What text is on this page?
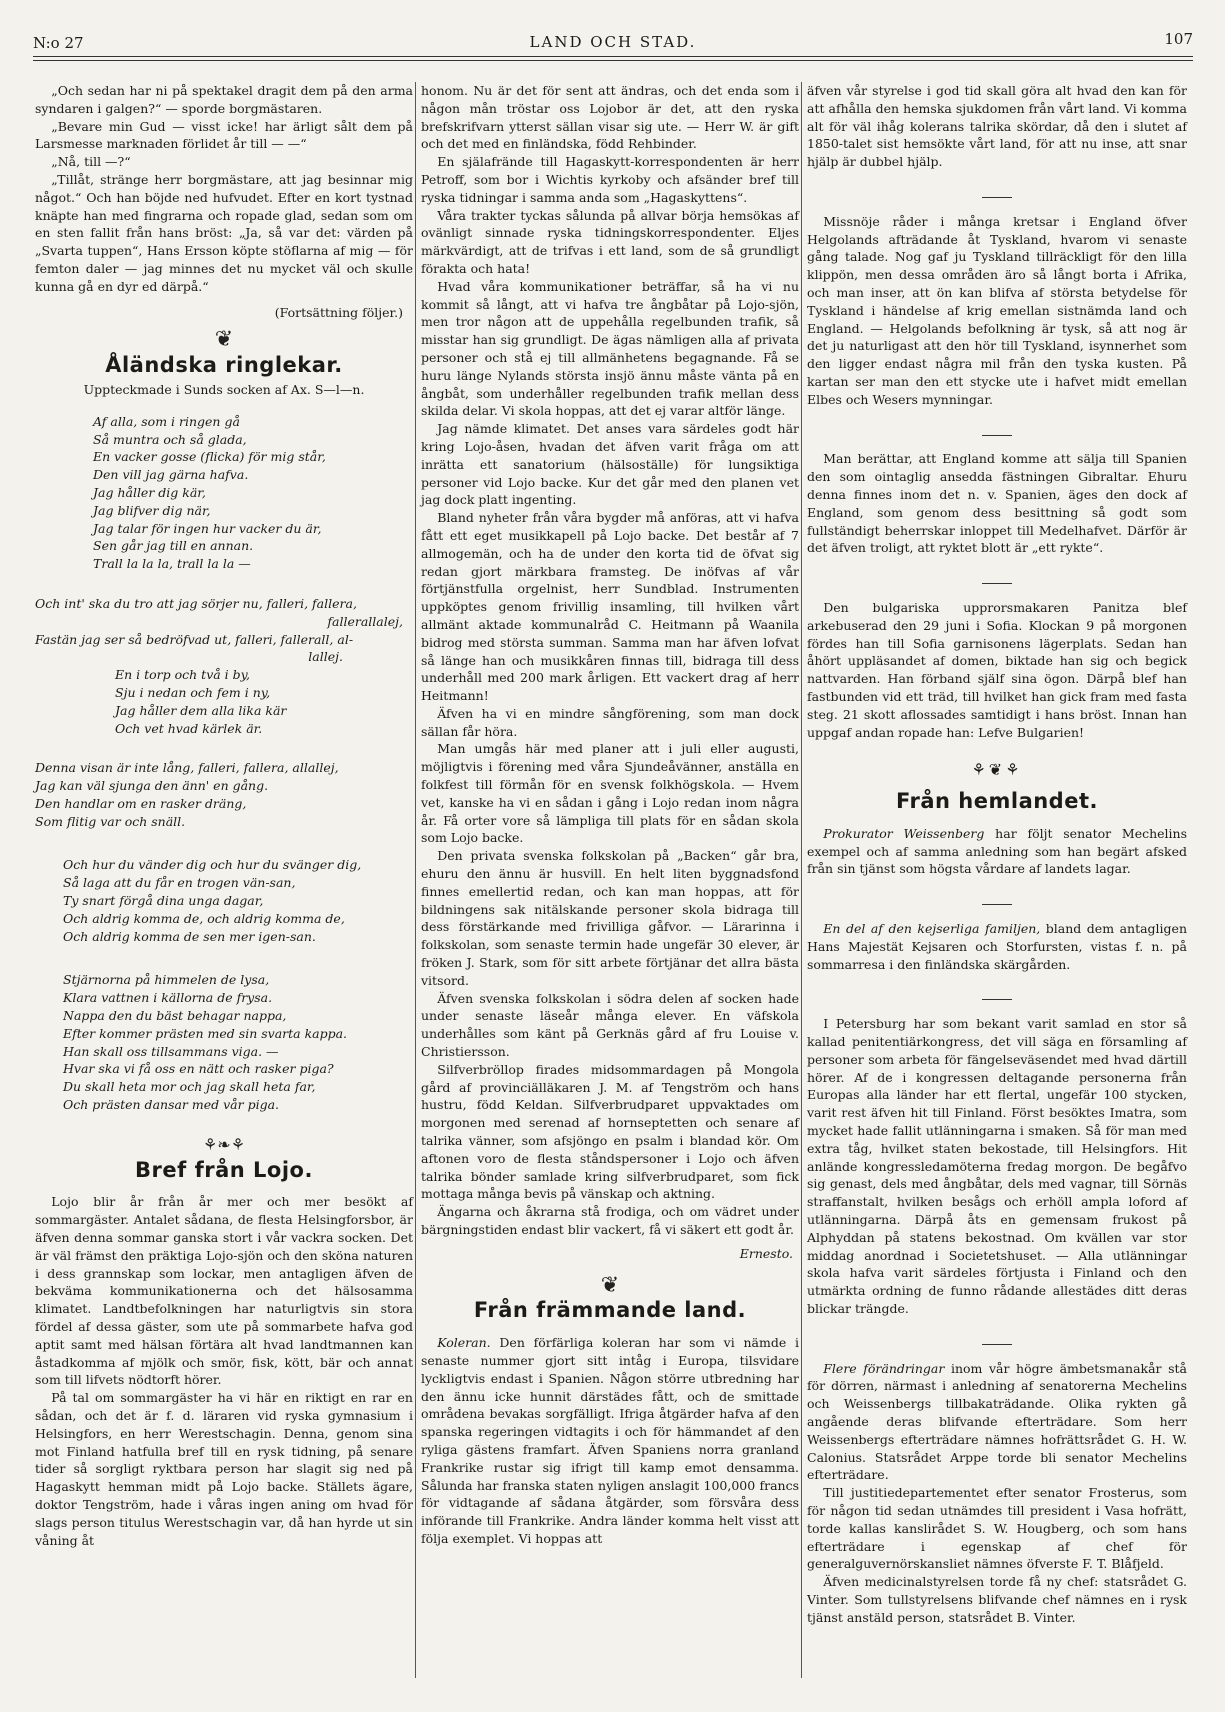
N:o 27	LAND OCH STAD.	107

„Och sedan har ni på spektakel dragit dem på den arma syndaren i galgen?“ — sporde borgmästaren.

„Bevare min Gud — visst icke! har ärligt sålt dem på Larsmesse marknaden förlidet år till — —“

„Nå, till —?“

„Tillåt, stränge herr borgmästare, att jag besinnar mig något.“ Och han böjde ned hufvudet. Efter en kort tystnad knäpte han med fingrarna och ropade glad, sedan som om en sten fallit från hans bröst: „Ja, så var det: värden på „Svarta tuppen“, Hans Ersson köpte stöflarna af mig — för femton daler — jag minnes det nu mycket väl och skulle kunna gå en dyr ed därpå.“

(Fortsättning följer.)

❦
Åländska ringlekar.
Uppteckmade i Sunds socken af Ax. S—l—n.
Af alla, som i ringen gå
Så muntra och så glada,
En vacker gosse (flicka) för mig står,
Den vill jag gärna hafva.
Jag håller dig kär,
Jag blifver dig när,
Jag talar för ingen hur vacker du är,
Sen går jag till en annan.
Trall la la la, trall la la —
Och int' ska du tro att jag sörjer nu, falleri, fallera,
fallerallalej,
Fastän jag ser så bedröfvad ut, falleri, fallerall, al-
lallej.
En i torp och två i by,
Sju i nedan och fem i ny,
Jag håller dem alla lika kär
Och vet hvad kärlek är.
Denna visan är inte lång, falleri, fallera, allallej,
Jag kan väl sjunga den änn' en gång.
Den handlar om en rasker dräng,
Som flitig var och snäll.
Och hur du vänder dig och hur du svänger dig,
Så laga att du får en trogen vän-san,
Ty snart förgå dina unga dagar,
Och aldrig komma de, och aldrig komma de,
Och aldrig komma de sen mer igen-san.
Stjärnorna på himmelen de lysa,
Klara vattnen i källorna de frysa.
Nappa den du bäst behagar nappa,
Efter kommer prästen med sin svarta kappa.
Han skall oss tillsammans viga. —
Hvar ska vi få oss en nätt och rasker piga?
Du skall heta mor och jag skall heta far,
Och prästen dansar med vår piga.
⚘❧⚘
Bref från Lojo.

Lojo blir år från år mer och mer besökt af sommargäster. Antalet sådana, de flesta Helsingforsbor, är äfven denna sommar ganska stort i vår vackra socken. Det är väl främst den präktiga Lojo-sjön och den sköna naturen i dess grannskap som lockar, men antagligen äfven de bekväma kommunikationerna och det hälsosamma klimatet. Landtbefolkningen har naturligtvis sin stora fördel af dessa gäster, som ute på sommarbete hafva god aptit samt med hälsan förtära alt hvad landtmannen kan åstadkomma af mjölk och smör, fisk, kött, bär och annat som till lifvets nödtorft hörer.

På tal om sommargäster ha vi här en riktigt en rar en sådan, och det är f. d. läraren vid ryska gymnasium i Helsingfors, en herr Werestschagin. Denna, genom sina mot Finland hatfulla bref till en rysk tidning, på senare tider så sorgligt ryktbara person har slagit sig ned på Hagaskytt hemman midt på Lojo backe. Ställets ägare, doktor Tengström, hade i våras ingen aning om hvad för slags person titulus Werestschagin var, då han hyrde ut sin våning åt

honom. Nu är det för sent att ändras, och det enda som i någon mån tröstar oss Lojobor är det, att den ryska brefskrifvarn ytterst sällan visar sig ute. — Herr W. är gift och det med en finländska, född Rehbinder.

En själafrände till Hagaskytt-korrespondenten är herr Petroff, som bor i Wichtis kyrkoby och afsänder bref till ryska tidningar i samma anda som „Hagaskyttens“.

Våra trakter tyckas sålunda på allvar börja hemsökas af ovänligt sinnade ryska tidningskorrespondenter. Eljes märkvärdigt, att de trifvas i ett land, som de så grundligt förakta och hata!

Hvad våra kommunikationer beträffar, så ha vi nu kommit så långt, att vi hafva tre ångbåtar på Lojo-sjön, men tror någon att de uppehålla regelbunden trafik, så misstar han sig grundligt. De ägas nämligen alla af privata personer och stå ej till allmänhetens begagnande. Få se huru länge Nylands största insjö ännu måste vänta på en ångbåt, som underhåller regelbunden trafik mellan dess skilda delar. Vi skola hoppas, att det ej varar altför länge.

Jag nämde klimatet. Det anses vara särdeles godt här kring Lojo-åsen, hvadan det äfven varit fråga om att inrätta ett sanatorium (hälsoställe) för lungsiktiga personer vid Lojo backe. Kur det går med den planen vet jag dock platt ingenting.

Bland nyheter från våra bygder må anföras, att vi hafva fått ett eget musikkapell på Lojo backe. Det består af 7 allmogemän, och ha de under den korta tid de öfvat sig redan gjort märkbara framsteg. De inöfvas af vår förtjänstfulla orgelnist, herr Sundblad. Instrumenten uppköptes genom frivillig insamling, till hvilken vårt allmänt aktade kommunalråd C. Heitmann på Waanila bidrog med största summan. Samma man har äfven lofvat så länge han och musikkåren finnas till, bidraga till dess underhåll med 200 mark årligen. Ett vackert drag af herr Heitmann!

Äfven ha vi en mindre sångförening, som man dock sällan får höra.

Man umgås här med planer att i juli eller augusti, möjligtvis i förening med våra Sjundeåvänner, anställa en folkfest till förmån för en svensk folkhögskola. — Hvem vet, kanske ha vi en sådan i gång i Lojo redan inom några år. Få orter vore så lämpliga till plats för en sådan skola som Lojo backe.

Den privata svenska folkskolan på „Backen“ går bra, ehuru den ännu är husvill. En helt liten byggnadsfond finnes emellertid redan, och kan man hoppas, att för bildningens sak nitälskande personer skola bidraga till dess förstärkande med frivilliga gåfvor. — Lärarinna i folkskolan, som senaste termin hade ungefär 30 elever, är fröken J. Stark, som för sitt arbete förtjänar det allra bästa vitsord.

Äfven svenska folkskolan i södra delen af socken hade under senaste läseår många elever. En väfskola underhålles som känt på Gerknäs gård af fru Louise v. Christiersson.

Silfverbröllop firades midsommardagen på Mongola gård af provinciälläkaren J. M. af Tengström och hans hustru, född Keldan. Silfverbrudparet uppvaktades om morgonen med serenad af hornseptetten och senare af talrika vänner, som afsjöngo en psalm i blandad kör. Om aftonen voro de flesta ståndspersoner i Lojo och äfven talrika bönder samlade kring silfverbrudparet, som fick mottaga många bevis på vänskap och aktning.

Ängarna och åkrarna stå frodiga, och om vädret under bärgningstiden endast blir vackert, få vi säkert ett godt år.

Ernesto.

❦
Från främmande land.

Koleran. Den förfärliga koleran har som vi nämde i senaste nummer gjort sitt intåg i Europa, tilsvidare lyckligtvis endast i Spanien. Någon större utbredning har den ännu icke hunnit därstädes fått, och de smittade områdena bevakas sorgfälligt. Ifriga åtgärder hafva af den spanska regeringen vidtagits i och för hämmandet af den ryliga gästens framfart. Äfven Spaniens norra granland Frankrike rustar sig ifrigt till kamp emot densamma. Sålunda har franska staten nyligen anslagit 100,000 francs för vidtagande af sådana åtgärder, som försvåra dess införande till Frankrike. Andra länder komma helt visst att följa exemplet. Vi hoppas att

äfven vår styrelse i god tid skall göra alt hvad den kan för att afhålla den hemska sjukdomen från vårt land. Vi komma alt för väl ihåg kolerans talrika skördar, då den i slutet af 1850-talet sist hemsökte vårt land, för att nu inse, att snar hjälp är dubbel hjälp.

Missnöje råder i många kretsar i England öfver Helgolands afträdande åt Tyskland, hvarom vi senaste gång talade. Nog gaf ju Tyskland tillräckligt för den lilla klippön, men dessa områden äro så långt borta i Afrika, och man inser, att ön kan blifva af största betydelse för Tyskland i händelse af krig emellan sistnämda land och England. — Helgolands befolkning är tysk, så att nog är det ju naturligast att den hör till Tyskland, isynnerhet som den ligger endast några mil från den tyska kusten. På kartan ser man den ett stycke ute i hafvet midt emellan Elbes och Wesers mynningar.

Man berättar, att England komme att sälja till Spanien den som ointaglig ansedda fästningen Gibraltar. Ehuru denna finnes inom det n. v. Spanien, äges den dock af England, som genom dess besittning så godt som fullständigt beherrskar inloppet till Medelhafvet. Därför är det äfven troligt, att ryktet blott är „ett rykte“.

Den bulgariska upprorsmakaren Panitza blef arkebuserad den 29 juni i Sofia. Klockan 9 på morgonen fördes han till Sofia garnisonens lägerplats. Sedan han åhört uppläsandet af domen, biktade han sig och begick nattvarden. Han förband själf sina ögon. Därpå blef han fastbunden vid ett träd, till hvilket han gick fram med fasta steg. 21 skott aflossades samtidigt i hans bröst. Innan han uppgaf andan ropade han: Lefve Bulgarien!

⚘❦⚘
Från hemlandet.

Prokurator Weissenberg har följt senator Mechelins exempel och af samma anledning som han begärt afsked från sin tjänst som högsta vårdare af landets lagar.

En del af den kejserliga familjen, bland dem antagligen Hans Majestät Kejsaren och Storfursten, vistas f. n. på sommarresa i den finländska skärgården.

I Petersburg har som bekant varit samlad en stor så kallad penitentiärkongress, det vill säga en församling af personer som arbeta för fängelseväsendet med hvad därtill hörer. Af de i kongressen deltagande personerna från Europas alla länder har ett flertal, ungefär 100 stycken, varit rest äfven hit till Finland. Först besöktes Imatra, som mycket hade fallit utlänningarna i smaken. Så för man med extra tåg, hvilket staten bekostade, till Helsingfors. Hit anlände kongressledamöterna fredag morgon. De begåfvo sig genast, dels med ångbåtar, dels med vagnar, till Sörnäs straffanstalt, hvilken besågs och erhöll ampla loford af utlänningarna. Därpå åts en gemensam frukost på Alphyddan på statens bekostnad. Om kvällen var stor middag anordnad i Societetshuset. — Alla utlänningar skola hafva varit särdeles förtjusta i Finland och den utmärkta ordning de funno rådande allestädes ditt deras blickar trängde.

Flere förändringar inom vår högre ämbetsmanakår stå för dörren, närmast i anledning af senatorerna Mechelins och Weissenbergs tillbakaträdande. Olika rykten gå angående deras blifvande efterträdare. Som herr Weissenbergs efterträdare nämnes hofrättsrådet G. H. W. Calonius. Statsrådet Arppe torde bli senator Mechelins efterträdare.

Till justitiedepartementet efter senator Frosterus, som för någon tid sedan utnämdes till president i Vasa hofrätt, torde kallas kanslirådet S. W. Hougberg, och som hans efterträdare i egenskap af chef för generalguvernörskansliet nämnes öfverste F. T. Blåfjeld.

Äfven medicinalstyrelsen torde få ny chef: statsrådet G. Vinter. Som tullstyrelsens blifvande chef nämnes en i rysk tjänst anstäld person, statsrådet B. Vinter.
